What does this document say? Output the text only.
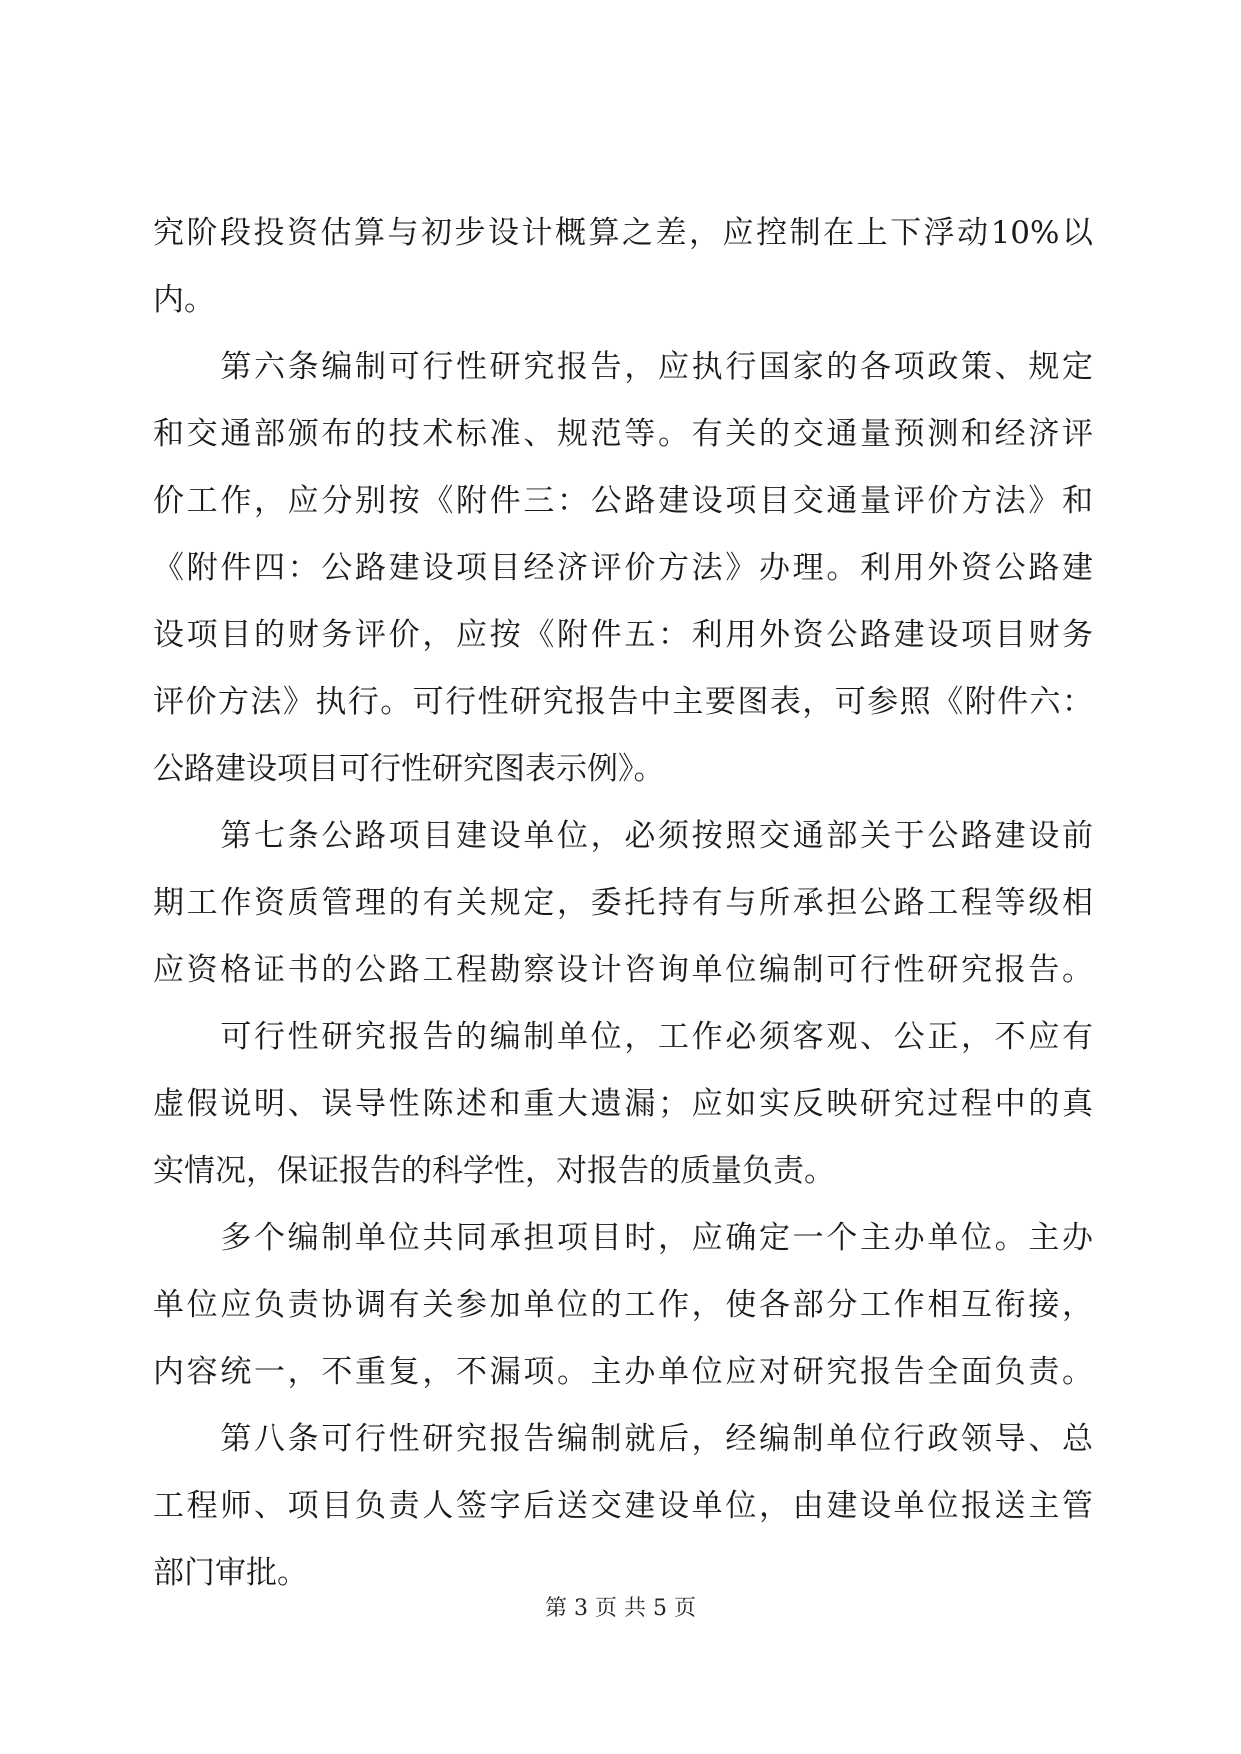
究阶段投资估算与初步设计概算之差，应控制在上下浮动10%以
内。
　　第六条编制可行性研究报告，应执行国家的各项政策、规定
和交通部颁布的技术标准、规范等。有关的交通量预测和经济评
价工作，应分别按《附件三：公路建设项目交通量评价方法》和
《附件四：公路建设项目经济评价方法》办理。利用外资公路建
设项目的财务评价，应按《附件五：利用外资公路建设项目财务
评价方法》执行。可行性研究报告中主要图表，可参照《附件六：
公路建设项目可行性研究图表示例》。
　　第七条公路项目建设单位，必须按照交通部关于公路建设前
期工作资质管理的有关规定，委托持有与所承担公路工程等级相
应资格证书的公路工程勘察设计咨询单位编制可行性研究报告。
　　可行性研究报告的编制单位，工作必须客观、公正，不应有
虚假说明、误导性陈述和重大遗漏；应如实反映研究过程中的真
实情况，保证报告的科学性，对报告的质量负责。
　　多个编制单位共同承担项目时，应确定一个主办单位。主办
单位应负责协调有关参加单位的工作，使各部分工作相互衔接，
内容统一，不重复，不漏项。主办单位应对研究报告全面负责。
　　第八条可行性研究报告编制就后，经编制单位行政领导、总
工程师、项目负责人签字后送交建设单位，由建设单位报送主管
部门审批。
第 3 页 共 5 页
